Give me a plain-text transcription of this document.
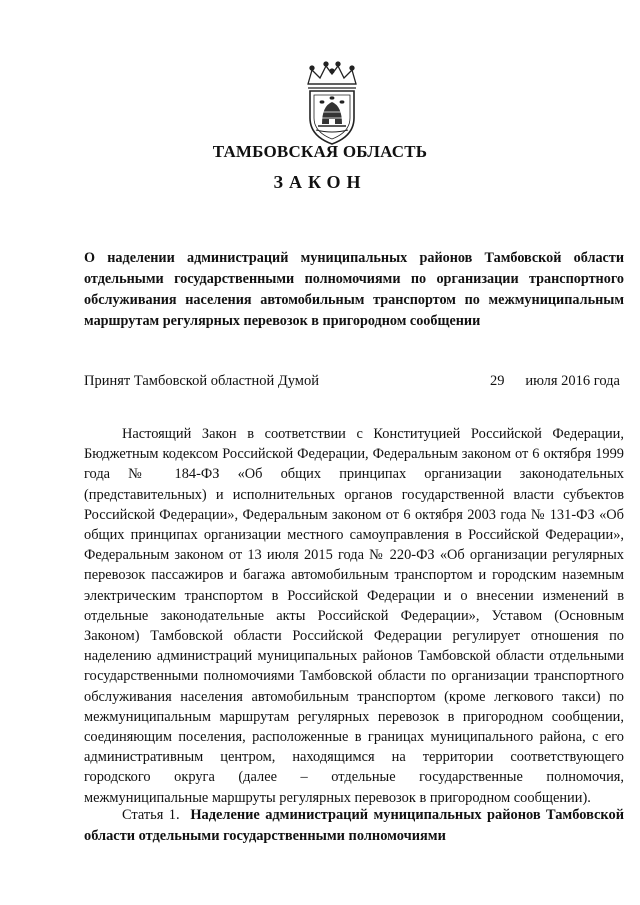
ТАМБОВСКАЯ ОБЛАСТЬ
ЗАКОН
О наделении администраций муниципальных районов Тамбовской области отдельными государственными полномочиями по организации транспортного обслуживания населения автомобильным транспортом по межмуниципальным маршрутам регулярных перевозок в пригородном сообщении
Принят Тамбовской областной Думой	29 июля 2016 года

Настоящий Закон в соответствии с Конституцией Российской Федерации, Бюджетным кодексом Российской Федерации, Федеральным законом от 6 октября 1999 года № 184-ФЗ «Об общих принципах организации законодательных (представительных) и исполнительных органов государственной власти субъектов Российской Федерации», Федеральным законом от 6 октября 2003 года № 131-ФЗ «Об общих принципах организации местного самоуправления в Российской Федерации», Федеральным законом от 13 июля 2015 года № 220-ФЗ «Об организации регулярных перевозок пассажиров и багажа автомобильным транспортом и городским наземным электрическим транспортом в Российской Федерации и о внесении изменений в отдельные законодательные акты Российской Федерации», Уставом (Основным Законом) Тамбовской области Российской Федерации регулирует отношения по наделению администраций муниципальных районов Тамбовской области отдельными государственными полномочиями Тамбовской области по организации транспортного обслуживания населения автомобильным транспортом (кроме легкового такси) по межмуниципальным маршрутам регулярных перевозок в пригородном сообщении, соединяющим поселения, расположенные в границах муниципального района, с его административным центром, находящимся на территории соответствующего городского округа (далее – отдельные государственные полномочия, межмуниципальные маршруты регулярных перевозок в пригородном сообщении).

Статья 1. Наделение администраций муниципальных районов Тамбовской области отдельными государственными полномочиями
